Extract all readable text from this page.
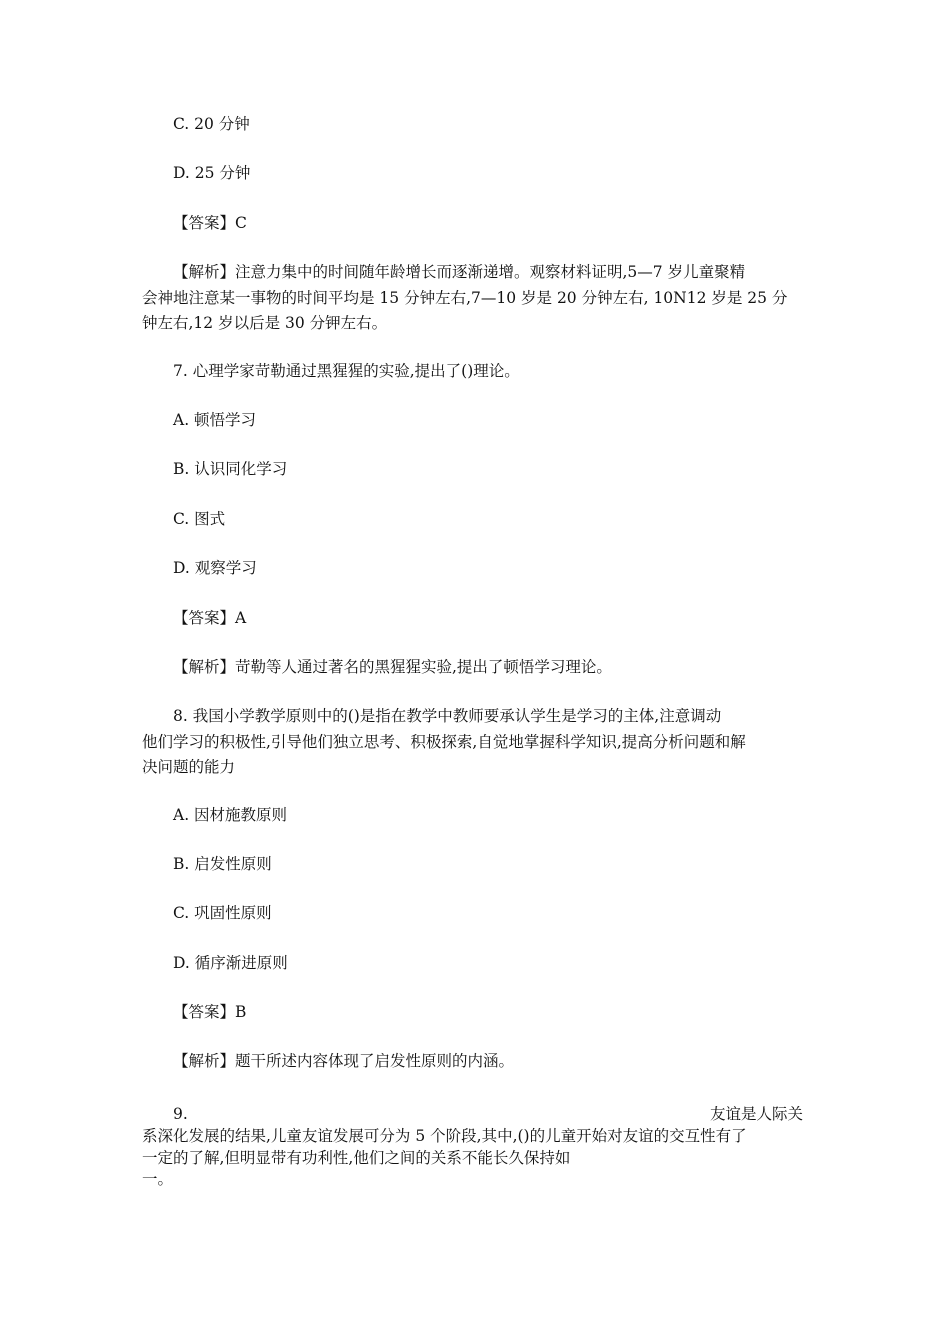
C. 20 分钟
D. 25 分钟
【答案】C
【解析】注意力集中的时间随年龄增长而逐渐递增。观察材料证明,5—7 岁儿童聚精
会神地注意某一事物的时间平均是 15 分钟左右,7—10 岁是 20 分钟左右, 10N12 岁是 25 分
钟左右,12 岁以后是 30 分钾左右。
7. 心理学家苛勒通过黑猩猩的实验,提出了()理论。
A. 顿悟学习
B. 认识同化学习
C. 图式
D. 观察学习
【答案】A
【解析】苛勒等人通过著名的黑猩猩实验,提出了顿悟学习理论。
8. 我国小学教学原则中的()是指在教学中教师要承认学生是学习的主体,注意调动
他们学习的积极性,引导他们独立思考、积极探索,自觉地掌握科学知识,提高分析问题和解
决问题的能力
A. 因材施教原则
B. 启发性原则
C. 巩固性原则
D. 循序渐进原则
【答案】B
【解析】题干所述内容体现了启发性原则的内涵。
9.	友谊是人际关
系深化发展的结果,儿童友谊发展可分为 5 个阶段,其中,()的儿童开始对友谊的交互性有了
一定的了解,但明显带有功利性,他们之间的关系不能长久保持如
一。
